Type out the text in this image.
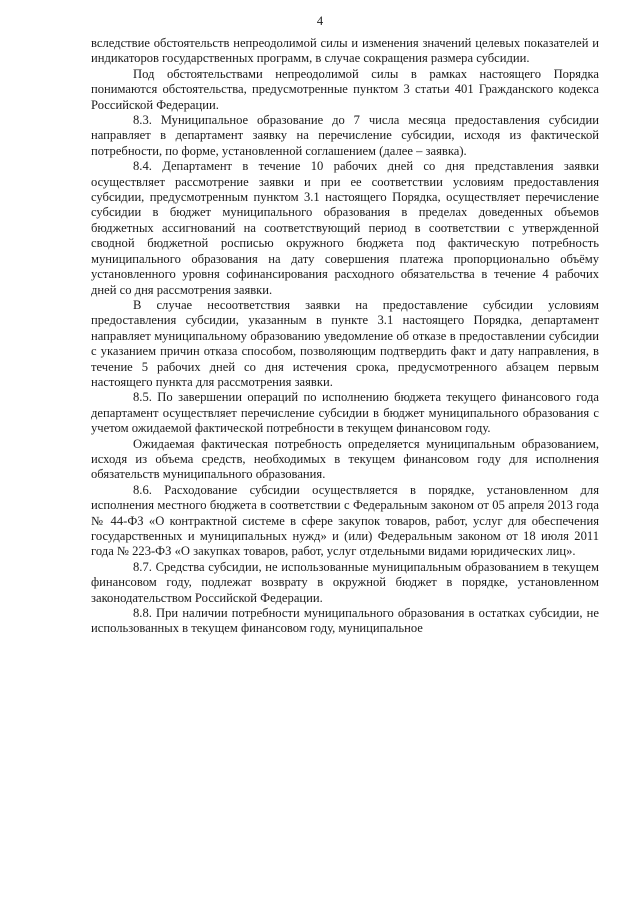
4

вследствие обстоятельств непреодолимой силы и изменения значений целевых показателей и индикаторов государственных программ, в случае сокращения размера субсидии.

Под обстоятельствами непреодолимой силы в рамках настоящего Порядка понимаются обстоятельства, предусмотренные пунктом 3 статьи 401 Гражданского кодекса Российской Федерации.

8.3. Муниципальное образование до 7 числа месяца предоставления субсидии направляет в департамент заявку на перечисление субсидии, исходя из фактической потребности, по форме, установленной соглашением (далее – заявка).

8.4. Департамент в течение 10 рабочих дней со дня представления заявки осуществляет рассмотрение заявки и при ее соответствии условиям предоставления субсидии, предусмотренным пунктом 3.1 настоящего Порядка, осуществляет перечисление субсидии в бюджет муниципального образования в пределах доведенных объемов бюджетных ассигнований на соответствующий период в соответствии с утвержденной сводной бюджетной росписью окружного бюджета под фактическую потребность муниципального образования на дату совершения платежа пропорционально объёму установленного уровня софинансирования расходного обязательства в течение 4 рабочих дней со дня рассмотрения заявки.

В случае несоответствия заявки на предоставление субсидии условиям предоставления субсидии, указанным в пункте 3.1 настоящего Порядка, департамент направляет муниципальному образованию уведомление об отказе в предоставлении субсидии с указанием причин отказа способом, позволяющим подтвердить факт и дату направления, в течение 5 рабочих дней со дня истечения срока, предусмотренного абзацем первым настоящего пункта для рассмотрения заявки.

8.5. По завершении операций по исполнению бюджета текущего финансового года департамент осуществляет перечисление субсидии в бюджет муниципального образования с учетом ожидаемой фактической потребности в текущем финансовом году.

Ожидаемая фактическая потребность определяется муниципальным образованием, исходя из объема средств, необходимых в текущем финансовом году для исполнения обязательств муниципального образования.

8.6. Расходование субсидии осуществляется в порядке, установленном для исполнения местного бюджета в соответствии с Федеральным законом от 05 апреля 2013 года № 44-ФЗ «О контрактной системе в сфере закупок товаров, работ, услуг для обеспечения государственных и муниципальных нужд» и (или) Федеральным законом от 18 июля 2011 года № 223-ФЗ «О закупках товаров, работ, услуг отдельными видами юридических лиц».

8.7. Средства субсидии, не использованные муниципальным образованием в текущем финансовом году, подлежат возврату в окружной бюджет в порядке, установленном законодательством Российской Федерации.

8.8. При наличии потребности муниципального образования в остатках субсидии, не использованных в текущем финансовом году, муниципальное
